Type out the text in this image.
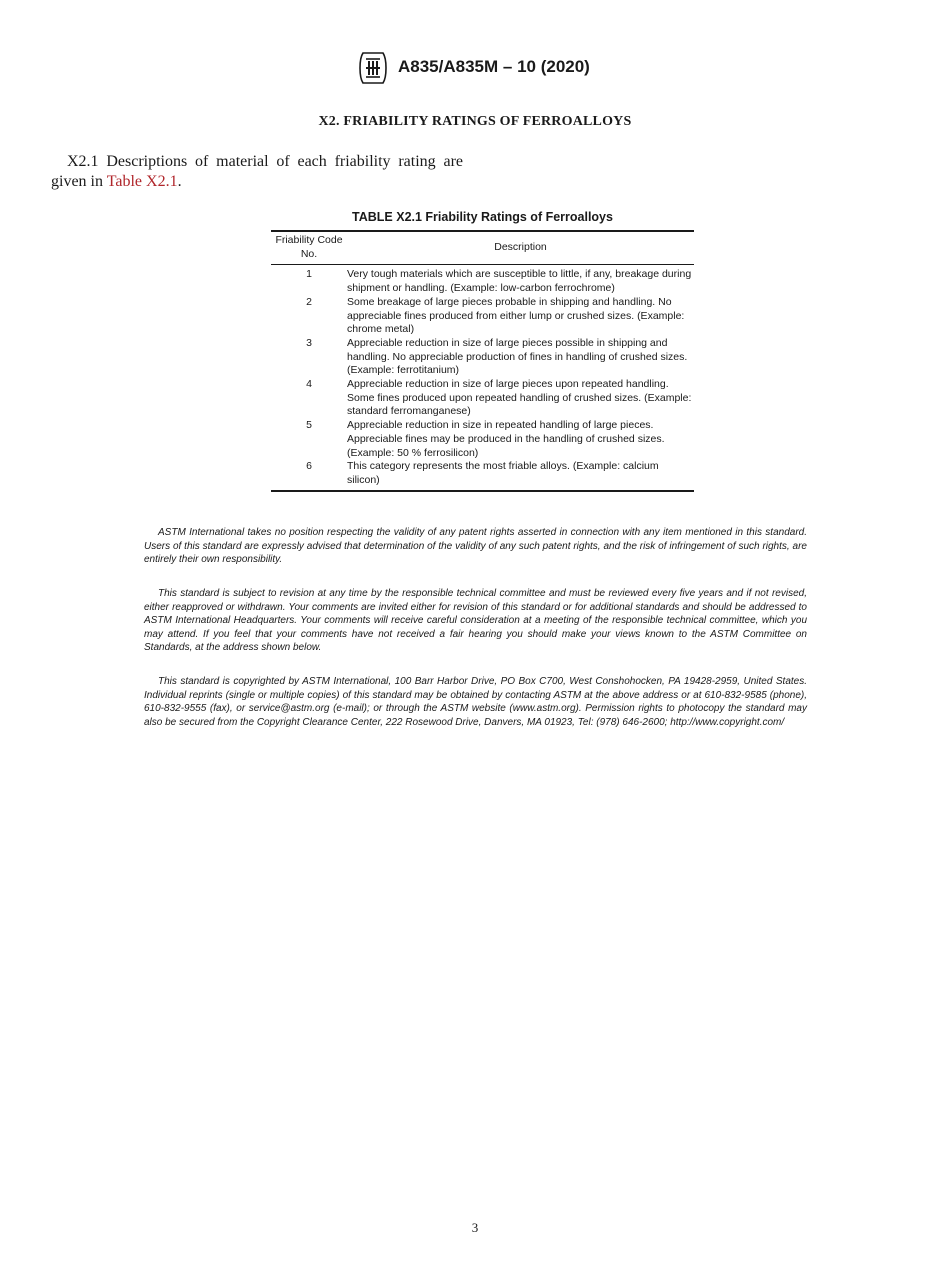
A835/A835M – 10 (2020)
X2. FRIABILITY RATINGS OF FERROALLOYS
X2.1 Descriptions of material of each friability rating are given in Table X2.1.
TABLE X2.1 Friability Ratings of Ferroalloys
Friability Code No.	Description
1	Very tough materials which are susceptible to little, if any, breakage during shipment or handling. (Example: low-carbon ferrochrome)
2	Some breakage of large pieces probable in shipping and handling. No appreciable fines produced from either lump or crushed sizes. (Example: chrome metal)
3	Appreciable reduction in size of large pieces possible in shipping and handling. No appreciable production of fines in handling of crushed sizes. (Example: ferrotitanium)
4	Appreciable reduction in size of large pieces upon repeated handling. Some fines produced upon repeated handling of crushed sizes. (Example: standard ferromanganese)
5	Appreciable reduction in size in repeated handling of large pieces. Appreciable fines may be produced in the handling of crushed sizes. (Example: 50 % ferrosilicon)
6	This category represents the most friable alloys. (Example: calcium silicon)
ASTM International takes no position respecting the validity of any patent rights asserted in connection with any item mentioned in this standard. Users of this standard are expressly advised that determination of the validity of any such patent rights, and the risk of infringement of such rights, are entirely their own responsibility.
This standard is subject to revision at any time by the responsible technical committee and must be reviewed every five years and if not revised, either reapproved or withdrawn. Your comments are invited either for revision of this standard or for additional standards and should be addressed to ASTM International Headquarters. Your comments will receive careful consideration at a meeting of the responsible technical committee, which you may attend. If you feel that your comments have not received a fair hearing you should make your views known to the ASTM Committee on Standards, at the address shown below.
This standard is copyrighted by ASTM International, 100 Barr Harbor Drive, PO Box C700, West Conshohocken, PA 19428-2959, United States. Individual reprints (single or multiple copies) of this standard may be obtained by contacting ASTM at the above address or at 610-832-9585 (phone), 610-832-9555 (fax), or service@astm.org (e-mail); or through the ASTM website (www.astm.org). Permission rights to photocopy the standard may also be secured from the Copyright Clearance Center, 222 Rosewood Drive, Danvers, MA 01923, Tel: (978) 646-2600; http://www.copyright.com/
3
